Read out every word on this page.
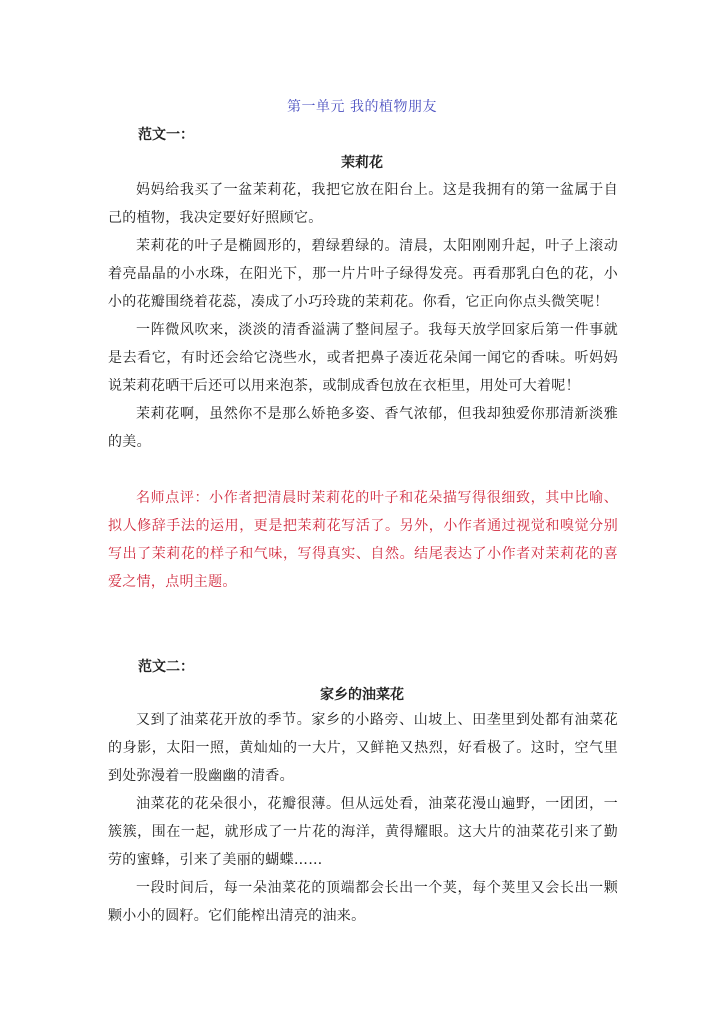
第一单元 我的植物朋友
范文一：
茉莉花
妈妈给我买了一盆茉莉花，我把它放在阳台上。这是我拥有的第一盆属于自己的植物，我决定要好好照顾它。
茉莉花的叶子是椭圆形的，碧绿碧绿的。清晨，太阳刚刚升起，叶子上滚动着亮晶晶的小水珠，在阳光下，那一片片叶子绿得发亮。再看那乳白色的花，小小的花瓣围绕着花蕊，凑成了小巧玲珑的茉莉花。你看，它正向你点头微笑呢！
一阵微风吹来，淡淡的清香溢满了整间屋子。我每天放学回家后第一件事就是去看它，有时还会给它浇些水，或者把鼻子凑近花朵闻一闻它的香味。听妈妈说茉莉花晒干后还可以用来泡茶，或制成香包放在衣柜里，用处可大着呢！
茉莉花啊，虽然你不是那么娇艳多姿、香气浓郁，但我却独爱你那清新淡雅的美。
名师点评：小作者把清晨时茉莉花的叶子和花朵描写得很细致，其中比喻、拟人修辞手法的运用，更是把茉莉花写活了。另外，小作者通过视觉和嗅觉分别写出了茉莉花的样子和气味，写得真实、自然。结尾表达了小作者对茉莉花的喜爱之情，点明主题。
范文二：
家乡的油菜花
又到了油菜花开放的季节。家乡的小路旁、山坡上、田垄里到处都有油菜花的身影，太阳一照，黄灿灿的一大片，又鲜艳又热烈，好看极了。这时，空气里到处弥漫着一股幽幽的清香。
油菜花的花朵很小，花瓣很薄。但从远处看，油菜花漫山遍野，一团团，一簇簇，围在一起，就形成了一片花的海洋，黄得耀眼。这大片的油菜花引来了勤劳的蜜蜂，引来了美丽的蝴蝶……
一段时间后，每一朵油菜花的顶端都会长出一个荚，每个荚里又会长出一颗颗小小的圆籽。它们能榨出清亮的油来。
